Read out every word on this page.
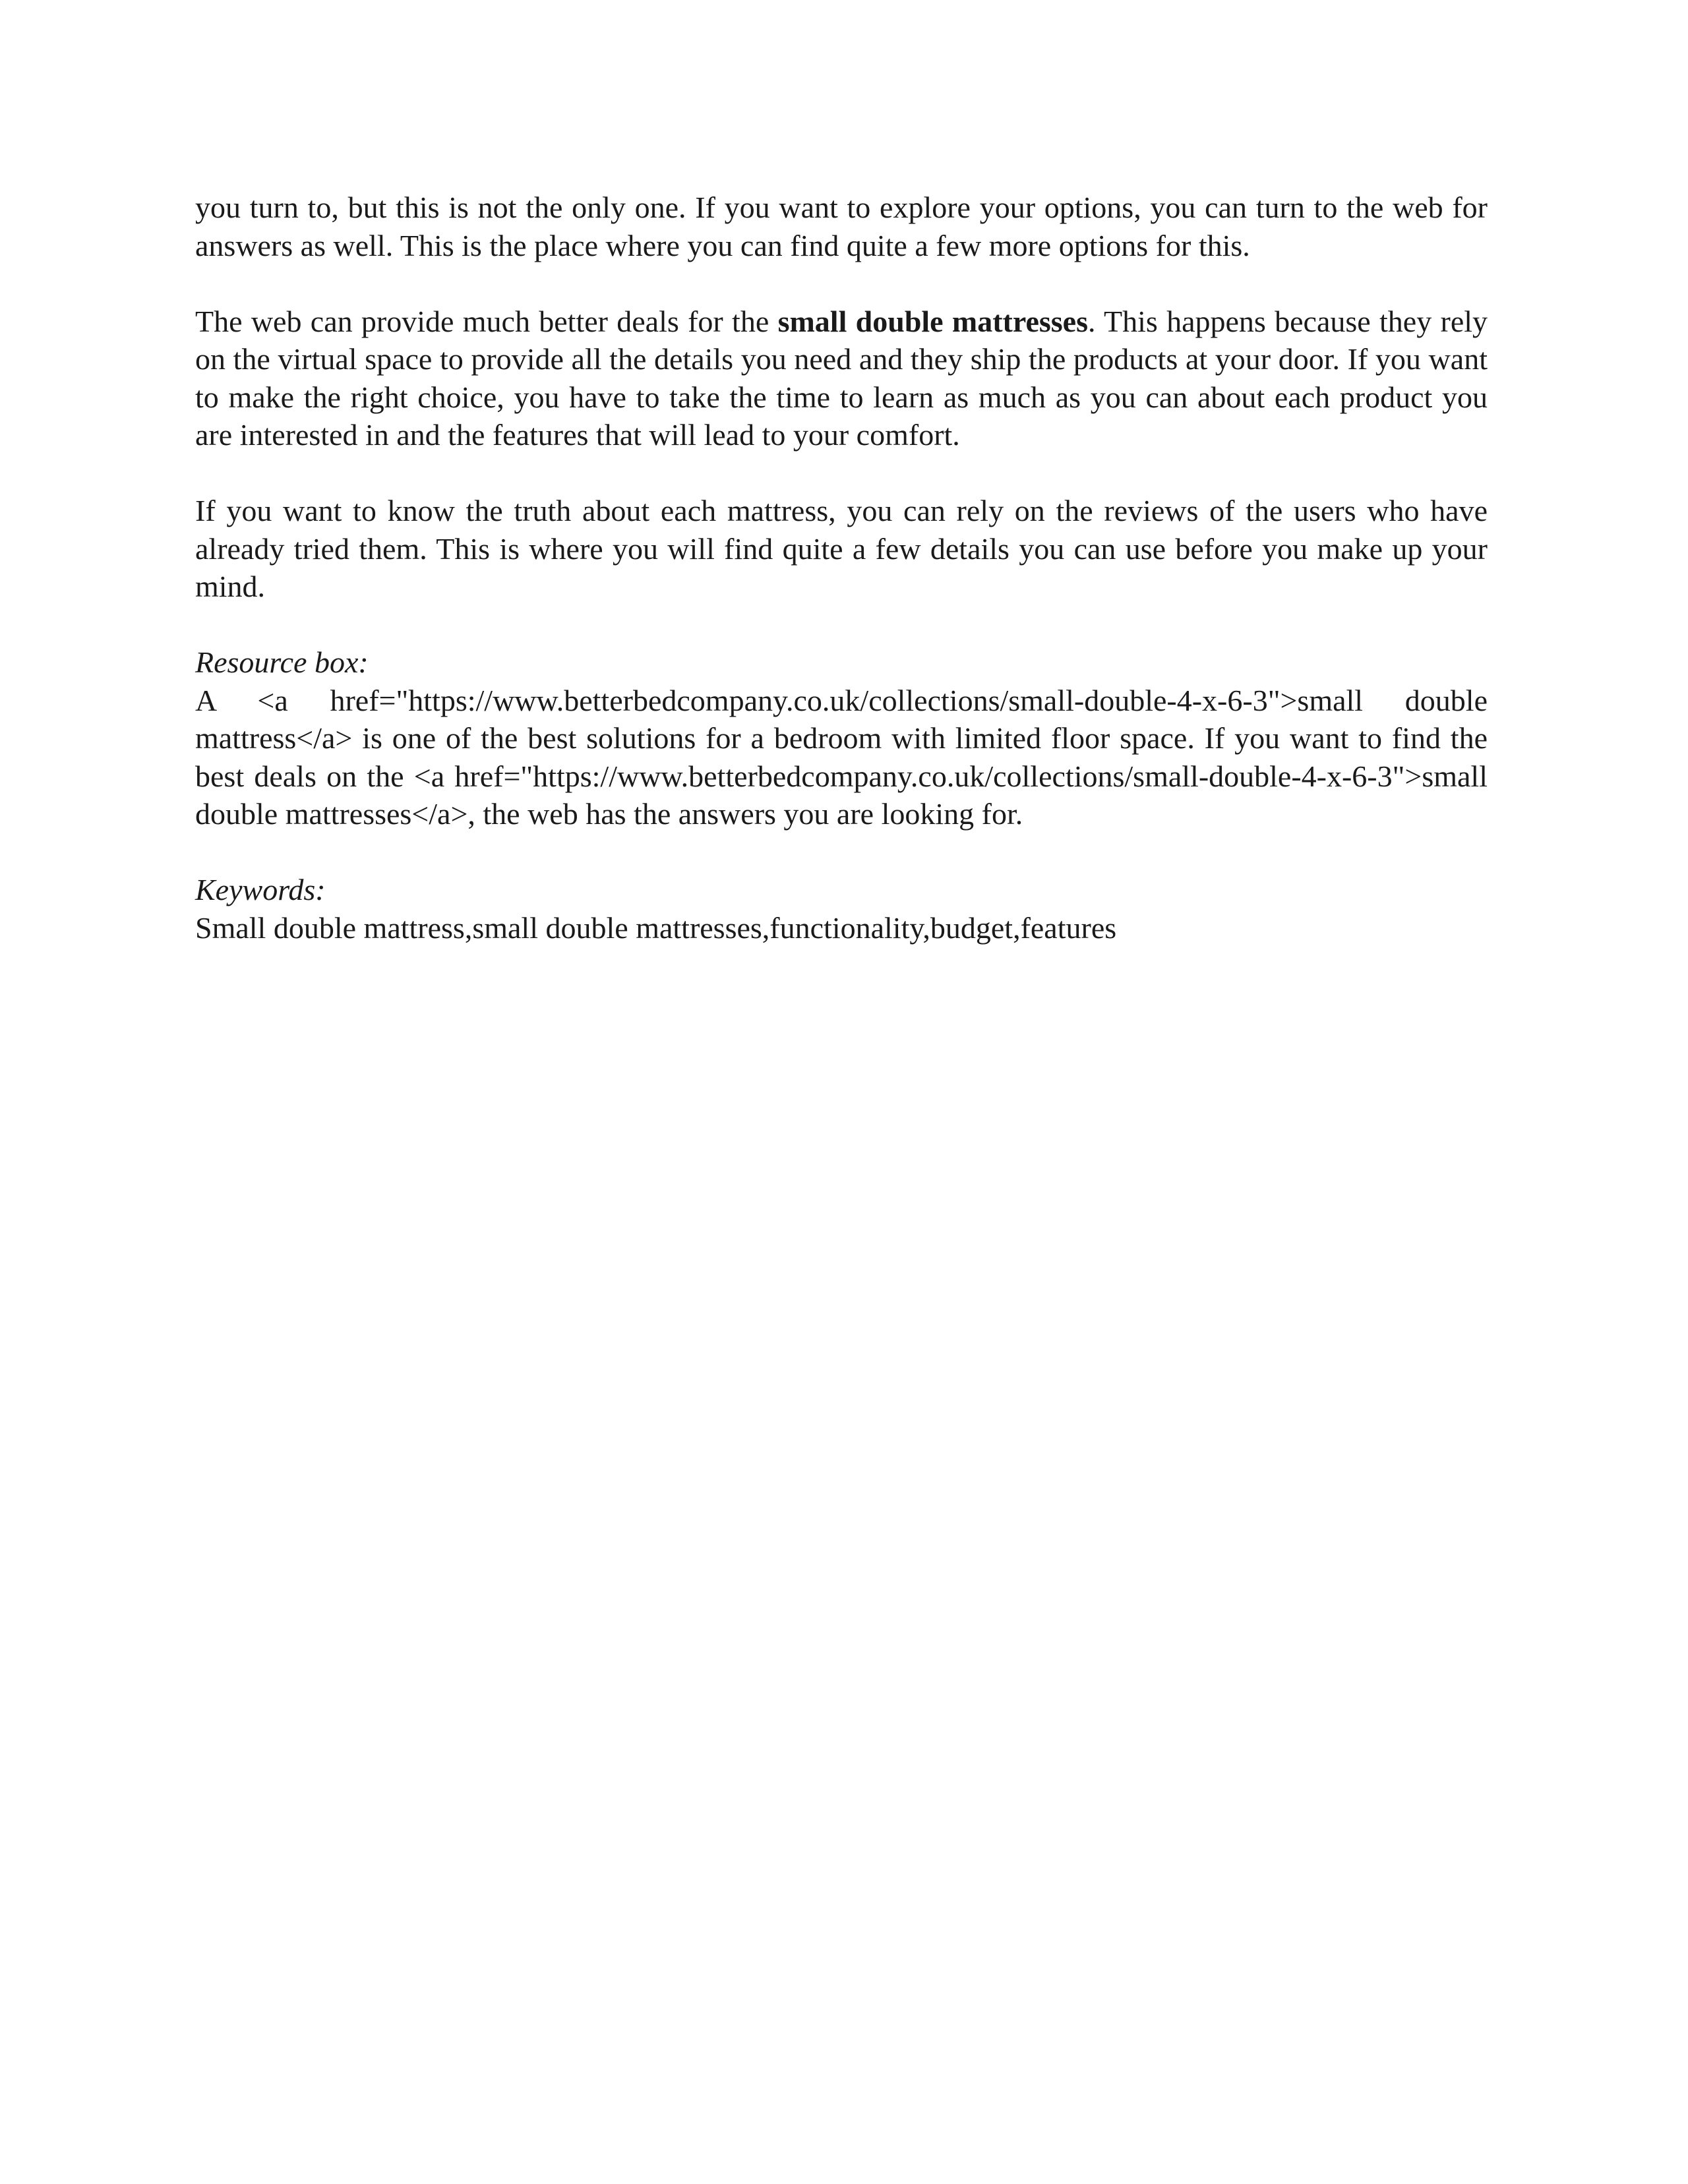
you turn to, but this is not the only one. If you want to explore your options, you can turn to the web for answers as well. This is the place where you can find quite a few more options for this.

The web can provide much better deals for the small double mattresses. This happens because they rely on the virtual space to provide all the details you need and they ship the products at your door. If you want to make the right choice, you have to take the time to learn as much as you can about each product you are interested in and the features that will lead to your comfort.

If you want to know the truth about each mattress, you can rely on the reviews of the users who have already tried them. This is where you will find quite a few details you can use before you make up your mind.

Resource box:
A <a href="https://www.betterbedcompany.co.uk/collections/small-double-4-x-6-3">small double mattress</a> is one of the best solutions for a bedroom with limited floor space. If you want to find the best deals on the <a href="https://www.betterbedcompany.co.uk/collections/small-double-4-x-6-3">small double mattresses</a>, the web has the answers you are looking for.

Keywords:
Small double mattress,small double mattresses,functionality,budget,features
